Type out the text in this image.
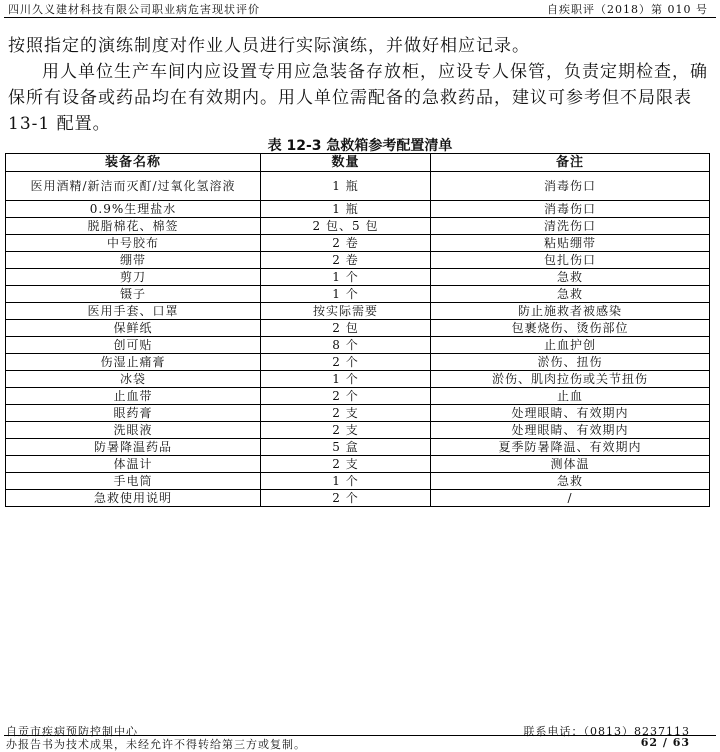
四川久义建材科技有限公司职业病危害现状评价	自疾职评（2018）第 010 号

按照指定的演练制度对作业人员进行实际演练，并做好相应记录。

用人单位生产车间内应设置专用应急装备存放柜，应设专人保管，负责定期检查，确保所有设备或药品均在有效期内。用人单位需配备的急救药品，建议可参考但不局限表 13-1 配置。

表 12-3 急救箱参考配置清单
装备名称	数量	备注
医用酒精/新洁而灭酊/过氧化氢溶液	1 瓶	消毒伤口
0.9%生理盐水	1 瓶	消毒伤口
脱脂棉花、棉签	2 包、5 包	清洗伤口
中号胶布	2 卷	粘贴绷带
绷带	2 卷	包扎伤口
剪刀	1 个	急救
镊子	1 个	急救
医用手套、口罩	按实际需要	防止施救者被感染
保鲜纸	2 包	包裹烧伤、烫伤部位
创可贴	8 个	止血护创
伤湿止痛膏	2 个	淤伤、扭伤
冰袋	1 个	淤伤、肌肉拉伤或关节扭伤
止血带	2 个	止血
眼药膏	2 支	处理眼睛、有效期内
洗眼液	2 支	处理眼睛、有效期内
防暑降温药品	5 盒	夏季防暑降温、有效期内
体温计	2 支	测体温
手电筒	1 个	急救
急救使用说明	2 个	/
自贡市疾病预防控制中心	联系电话：（0813）8237113
办报告书为技术成果，未经允许不得转给第三方或复制。	62 / 63
